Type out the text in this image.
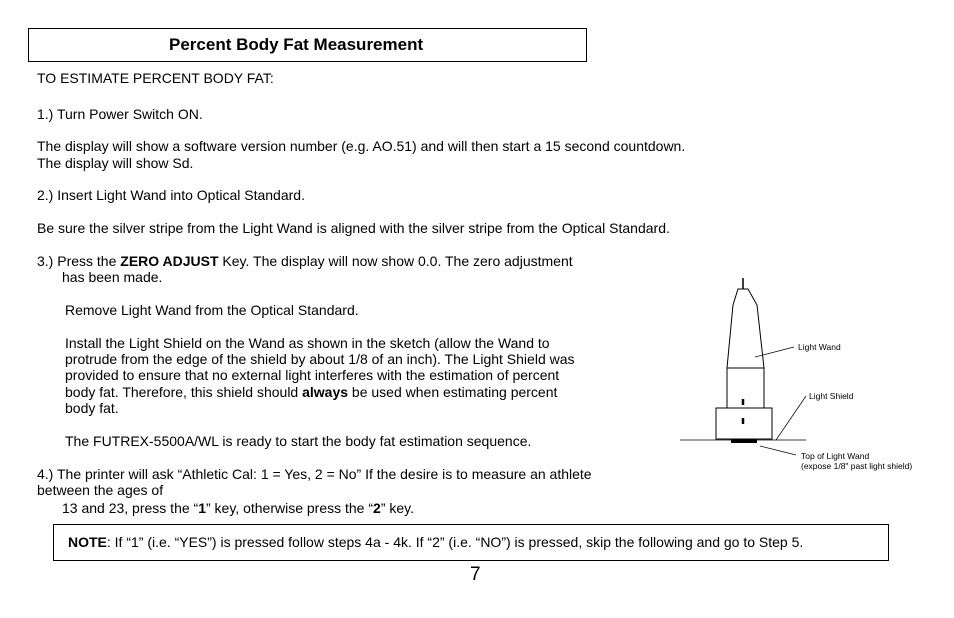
Percent Body Fat Measurement
TO ESTIMATE PERCENT BODY FAT:
1.) Turn Power Switch ON.
The display will show a software version number (e.g. AO.51) and will then start a 15 second countdown.
The display will show Sd.
2.) Insert Light Wand into Optical Standard.
Be sure the silver stripe from the Light Wand is aligned with the silver stripe from the Optical Standard.
3.) Press the ZERO ADJUST Key. The display will now show 0.0. The zero adjustment
has been made.
Remove Light Wand from the Optical Standard.
Install the Light Shield on the Wand as shown in the sketch (allow the Wand to
protrude from the edge of the shield by about 1/8 of an inch). The Light Shield was
provided to ensure that no external light interferes with the estimation of percent
body fat. Therefore, this shield should always be used when estimating percent
body fat.
The FUTREX-5500A/WL is ready to start the body fat estimation sequence.
4.) The printer will ask “Athletic Cal: 1 = Yes, 2 = No” If the desire is to measure an athlete
between the ages of
13 and 23, press the “1” key, otherwise press the “2” key.
NOTE: If “1” (i.e. “YES”) is pressed follow steps 4a - 4k. If “2” (i.e. “NO”) is pressed, skip the following and go to Step 5.
7
Light Wand
Light Shield
Top of Light Wand
(expose 1/8" past light shield)
